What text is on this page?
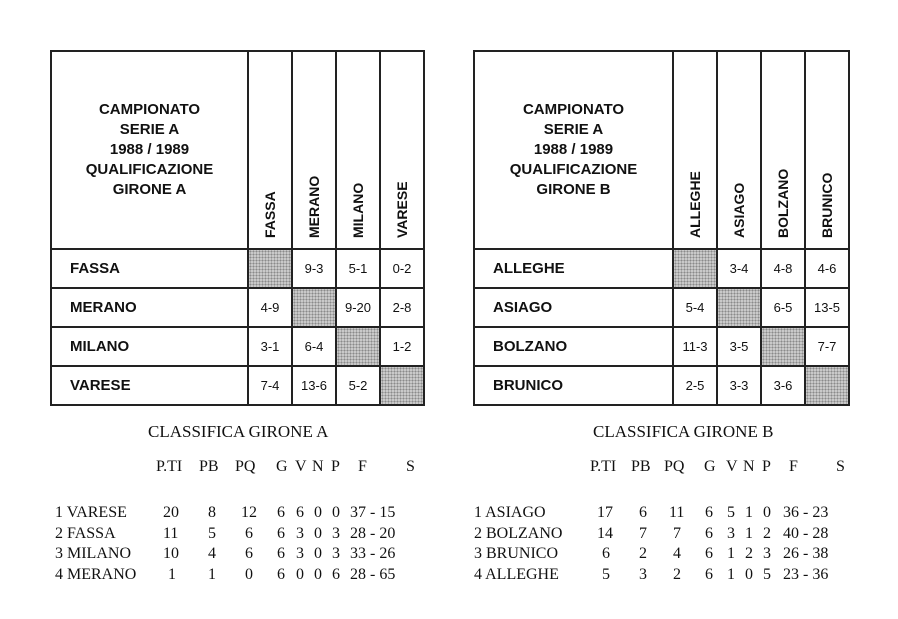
CAMPIONATO
SERIE A
1988 / 1989
QUALIFICAZIONE
GIRONE A	FASSA	MERANO	MILANO	VARESE

FASSA		9-3	5-1	0-2
MERANO	4-9		9-20	2-8
MILANO	3-1	6-4		1-2
VARESE	7-4	13-6	5-2	
CAMPIONATO
SERIE A
1988 / 1989
QUALIFICAZIONE
GIRONE B	ALLEGHE	ASIAGO	BOLZANO	BRUNICO

ALLEGHE		3-4	4-8	4-6
ASIAGO	5-4		6-5	13-5
BOLZANO	11-3	3-5		7-7
BRUNICO	2-5	3-3	3-6	
CLASSIFICA GIRONE A	CLASSIFICA GIRONE B
P.TI PB PQ G V N P F S	P.TI PB PQ G V N P F S
1 VARESE 20 8 12 6 6 0 0 37 - 15
2 FASSA	11 5 6 6 3 0 3 28 - 20
3 MILANO 10 4 6 6 3 0 3 33 - 26
4 MERANO 1 1 0 6 0 0 6 28 - 65
1 ASIAGO	17 6 11 6 5 1 0 36 - 23
2 BOLZANO 14 7 7 6 3 1 2 40 - 28
3 BRUNICO	6 2 4 6 1 2 3 26 - 38
4 ALLEGHE	5 3 2 6 1 0 5 23 - 36
